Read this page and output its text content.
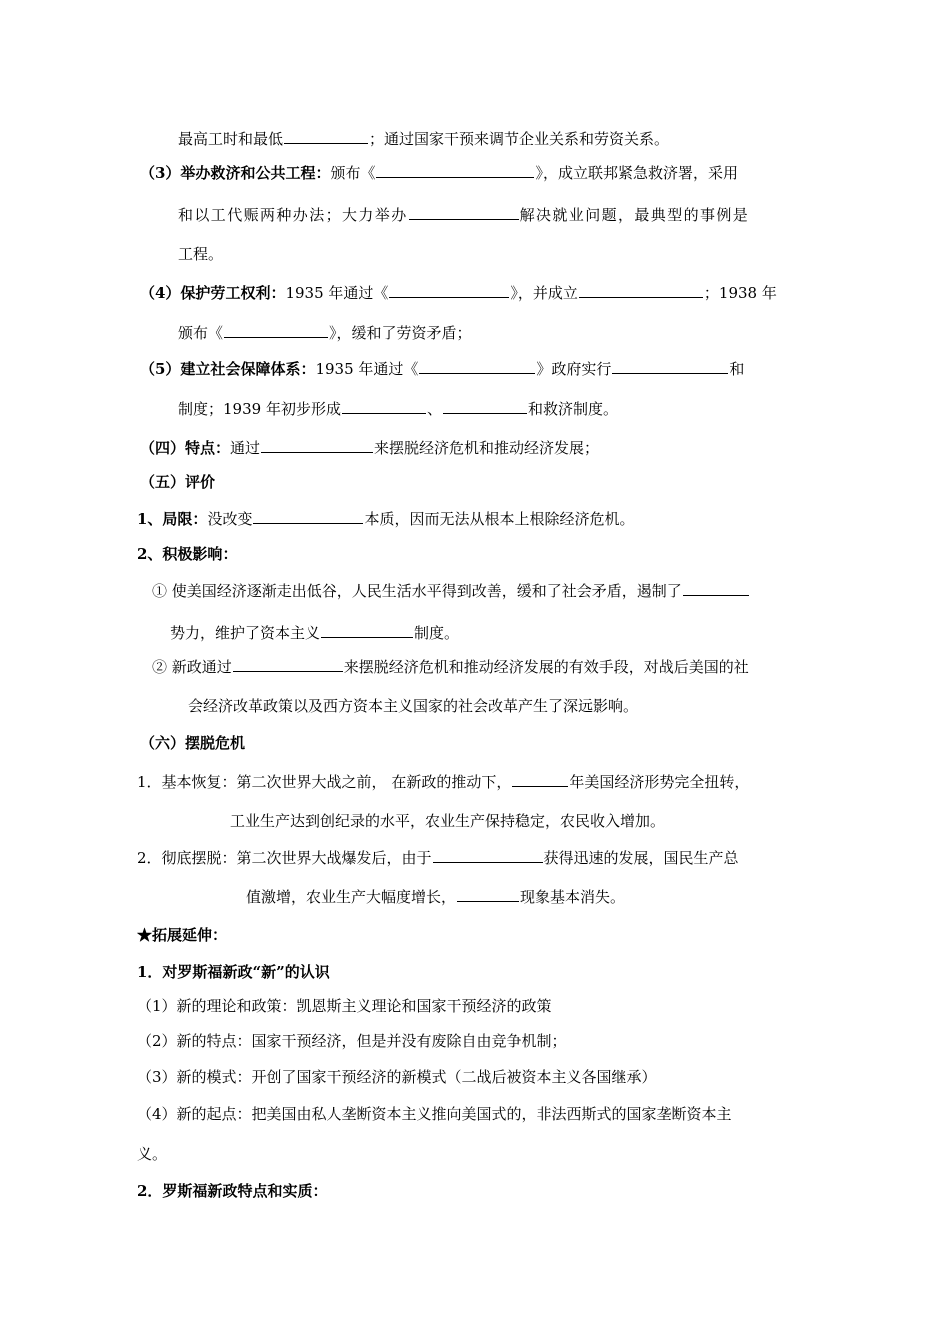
最高工时和最低	；通过国家干预来调节企业关系和劳资关系。
（3）举办救济和公共工程：颁布《	》，成立联邦紧急救济署，采用
和以工代赈两种办法；大力举办	解决就业问题，最典型的事例是
工程。
（4）保护劳工权利：1935 年通过《	》，并成立	；1938 年
颁布《	》，缓和了劳资矛盾；
（5）建立社会保障体系：1935 年通过《	》政府实行	和
制度；1939 年初步形成	、	和救济制度。
（四）特点：通过	来摆脱经济危机和推动经济发展；
（五）评价
1、局限：没改变	本质，因而无法从根本上根除经济危机。
2、积极影响：
① 使美国经济逐渐走出低谷，人民生活水平得到改善，缓和了社会矛盾，遏制了
势力，维护了资本主义	制度。
② 新政通过	来摆脱经济危机和推动经济发展的有效手段，对战后美国的社
会经济改革政策以及西方资本主义国家的社会改革产生了深远影响。
（六）摆脱危机
1．基本恢复：第二次世界大战之前， 在新政的推动下，	年美国经济形势完全扭转，
工业生产达到创纪录的水平，农业生产保持稳定，农民收入增加。
2．彻底摆脱：第二次世界大战爆发后，由于	获得迅速的发展，国民生产总
值激增，农业生产大幅度增长，	现象基本消失。
★拓展延伸：
1．对罗斯福新政“新”的认识
（1）新的理论和政策：凯恩斯主义理论和国家干预经济的政策
（2）新的特点：国家干预经济，但是并没有废除自由竞争机制；
（3）新的模式：开创了国家干预经济的新模式（二战后被资本主义各国继承）
（4）新的起点：把美国由私人垄断资本主义推向美国式的，非法西斯式的国家垄断资本主
义。
2．罗斯福新政特点和实质：
